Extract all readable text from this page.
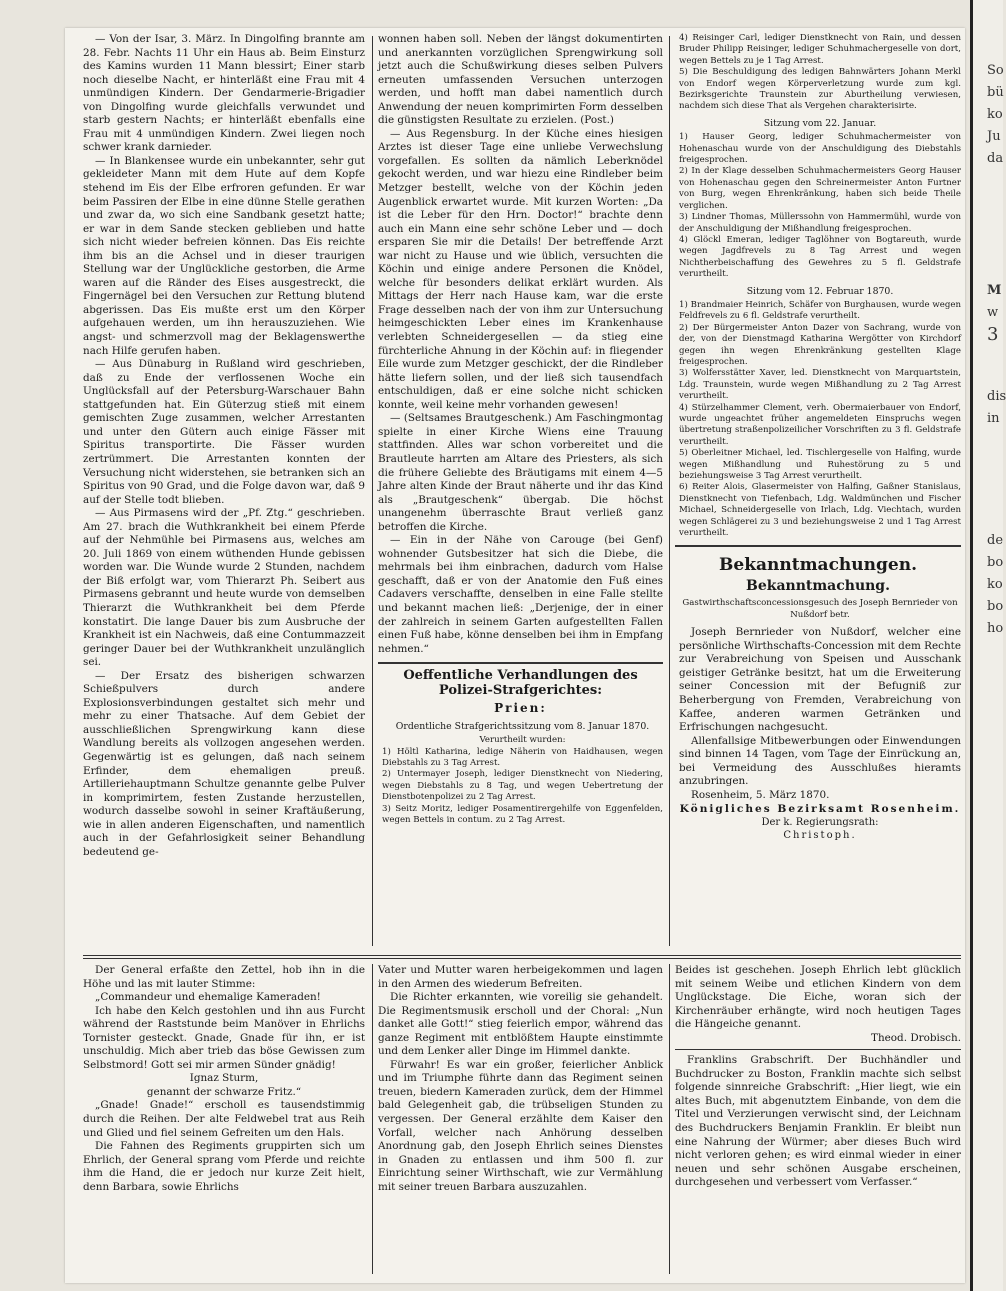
— Von der Isar, 3. März. In Dingolfing brannte am 28. Febr. Nachts 11 Uhr ein Haus ab. Beim Einsturz des Kamins wurden 11 Mann blessirt; Einer starb noch dieselbe Nacht, er hinterläßt eine Frau mit 4 unmündigen Kindern. Der Gendarmerie-Brigadier von Dingolfing wurde gleichfalls verwundet und starb gestern Nachts; er hinterläßt ebenfalls eine Frau mit 4 unmündigen Kindern. Zwei liegen noch schwer krank darnieder.

— In Blankensee wurde ein unbekannter, sehr gut gekleideter Mann mit dem Hute auf dem Kopfe stehend im Eis der Elbe erfroren gefunden. Er war beim Passiren der Elbe in eine dünne Stelle gerathen und zwar da, wo sich eine Sandbank gesetzt hatte; er war in dem Sande stecken geblieben und hatte sich nicht wieder befreien können. Das Eis reichte ihm bis an die Achsel und in dieser traurigen Stellung war der Unglückliche gestorben, die Arme waren auf die Ränder des Eises ausgestreckt, die Fingernägel bei den Versuchen zur Rettung blutend abgerissen. Das Eis mußte erst um den Körper aufgehauen werden, um ihn herauszuziehen. Wie angst- und schmerzvoll mag der Beklagenswerthe nach Hilfe gerufen haben.

— Aus Dünaburg in Rußland wird geschrieben, daß zu Ende der verflossenen Woche ein Unglücksfall auf der Petersburg-Warschauer Bahn stattgefunden hat. Ein Güterzug stieß mit einem gemischten Zuge zusammen, welcher Arrestanten und unter den Gütern auch einige Fässer mit Spiritus transportirte. Die Fässer wurden zertrümmert. Die Arrestanten konnten der Versuchung nicht widerstehen, sie betranken sich an Spiritus von 90 Grad, und die Folge davon war, daß 9 auf der Stelle todt blieben.

— Aus Pirmasens wird der „Pf. Ztg.“ geschrieben. Am 27. brach die Wuthkrankheit bei einem Pferde auf der Nehmühle bei Pirmasens aus, welches am 20. Juli 1869 von einem wüthenden Hunde gebissen worden war. Die Wunde wurde 2 Stunden, nachdem der Biß erfolgt war, vom Thierarzt Ph. Seibert aus Pirmasens gebrannt und heute wurde von demselben Thierarzt die Wuthkrankheit bei dem Pferde konstatirt. Die lange Dauer bis zum Ausbruche der Krankheit ist ein Nachweis, daß eine Contummazzeit geringer Dauer bei der Wuthkrankheit unzulänglich sei.

— Der Ersatz des bisherigen schwarzen Schießpulvers durch andere Explosionsverbindungen gestaltet sich mehr und mehr zu einer Thatsache. Auf dem Gebiet der ausschließlichen Sprengwirkung kann diese Wandlung bereits als vollzogen angesehen werden. Gegenwärtig ist es gelungen, daß nach seinem Erfinder, dem ehemaligen preuß. Artilleriehauptmann Schultze genannte gelbe Pulver in komprimirtem, festen Zustande herzustellen, wodurch dasselbe sowohl in seiner Kraftäußerung, wie in allen anderen Eigenschaften, und namentlich auch in der Gefahrlosigkeit seiner Behandlung bedeutend ge-

wonnen haben soll. Neben der längst dokumentirten und anerkannten vorzüglichen Sprengwirkung soll jetzt auch die Schußwirkung dieses selben Pulvers erneuten umfassenden Versuchen unterzogen werden, und hofft man dabei namentlich durch Anwendung der neuen komprimirten Form desselben die günstigsten Resultate zu erzielen. (Post.)

— Aus Regensburg. In der Küche eines hiesigen Arztes ist dieser Tage eine unliebe Verwechslung vorgefallen. Es sollten da nämlich Leberknödel gekocht werden, und war hiezu eine Rindleber beim Metzger bestellt, welche von der Köchin jeden Augenblick erwartet wurde. Mit kurzen Worten: „Da ist die Leber für den Hrn. Doctor!“ brachte denn auch ein Mann eine sehr schöne Leber und — doch ersparen Sie mir die Details! Der betreffende Arzt war nicht zu Hause und wie üblich, versuchten die Köchin und einige andere Personen die Knödel, welche für besonders delikat erklärt wurden. Als Mittags der Herr nach Hause kam, war die erste Frage desselben nach der von ihm zur Untersuchung heimgeschickten Leber eines im Krankenhause verlebten Schneidergesellen — da stieg eine fürchterliche Ahnung in der Köchin auf: in fliegender Eile wurde zum Metzger geschickt, der die Rindleber hätte liefern sollen, und der ließ sich tausendfach entschuldigen, daß er eine solche nicht schicken konnte, weil keine mehr vorhanden gewesen!

— (Seltsames Brautgeschenk.) Am Faschingmontag spielte in einer Kirche Wiens eine Trauung stattfinden. Alles war schon vorbereitet und die Brautleute harrten am Altare des Priesters, als sich die frühere Geliebte des Bräutigams mit einem 4—5 Jahre alten Kinde der Braut näherte und ihr das Kind als „Brautgeschenk“ übergab. Die höchst unangenehm überraschte Braut verließ ganz betroffen die Kirche.

— Ein in der Nähe von Carouge (bei Genf) wohnender Gutsbesitzer hat sich die Diebe, die mehrmals bei ihm einbrachen, dadurch vom Halse geschafft, daß er von der Anatomie den Fuß eines Cadavers verschaffte, denselben in eine Falle stellte und bekannt machen ließ: „Derjenige, der in einer der zahlreich in seinem Garten aufgestellten Fallen einen Fuß habe, könne denselben bei ihm in Empfang nehmen.“

Oeffentliche Verhandlungen des Polizei-Strafgerichtes:
Prien:

Ordentliche Strafgerichtssitzung vom 8. Januar 1870.

Verurtheilt wurden:

1) Höltl Katharina, ledige Näherin von Haidhausen, wegen Diebstahls zu 3 Tag Arrest.

2) Untermayer Joseph, lediger Dienstknecht von Niedering, wegen Diebstahls zu 8 Tag, und wegen Uebertretung der Dienstbotenpolizei zu 2 Tag Arrest.

3) Seitz Moritz, lediger Posamentirergehilfe von Eggenfelden, wegen Bettels in contum. zu 2 Tag Arrest.

4) Reisinger Carl, lediger Dienstknecht von Rain, und dessen Bruder Philipp Reisinger, lediger Schuhmachergeselle von dort, wegen Bettels zu je 1 Tag Arrest.

5) Die Beschuldigung des ledigen Bahnwärters Johann Merkl von Endorf wegen Körperverletzung wurde zum kgl. Bezirksgerichte Traunstein zur Aburtheilung verwiesen, nachdem sich diese That als Vergehen charakterisirte.

Sitzung vom 22. Januar.

1) Hauser Georg, lediger Schuhmachermeister von Hohenaschau wurde von der Anschuldigung des Diebstahls freigesprochen.

2) In der Klage desselben Schuhmachermeisters Georg Hauser von Hohenaschau gegen den Schreinermeister Anton Furtner von Burg, wegen Ehrenkränkung, haben sich beide Theile verglichen.

3) Lindner Thomas, Müllerssohn von Hammermühl, wurde von der Anschuldigung der Mißhandlung freigesprochen.

4) Glöckl Emeran, lediger Taglöhner von Bogtareuth, wurde wegen Jagdfrevels zu 8 Tag Arrest und wegen Nichtherbeischaffung des Gewehres zu 5 fl. Geldstrafe verurtheilt.

Sitzung vom 12. Februar 1870.

1) Brandmaier Heinrich, Schäfer von Burghausen, wurde wegen Feldfrevels zu 6 fl. Geldstrafe verurtheilt.

2) Der Bürgermeister Anton Dazer von Sachrang, wurde von der, von der Dienstmagd Katharina Wergötter von Kirchdorf gegen ihn wegen Ehrenkränkung gestellten Klage freigesprochen.

3) Wolfersstätter Xaver, led. Dienstknecht von Marquartstein, Ldg. Traunstein, wurde wegen Mißhandlung zu 2 Tag Arrest verurtheilt.

4) Stürzelhammer Clement, verh. Obermaierbauer von Endorf, wurde ungeachtet früher angemeldeten Einspruchs wegen übertretung straßenpolizeilicher Vorschriften zu 3 fl. Geldstrafe verurtheilt.

5) Oberleitner Michael, led. Tischlergeselle von Halfing, wurde wegen Mißhandlung und Ruhestörung zu 5 und beziehungsweise 3 Tag Arrest verurtheilt.

6) Reiter Alois, Glasermeister von Halfing, Gaßner Stanislaus, Dienstknecht von Tiefenbach, Ldg. Waldmünchen und Fischer Michael, Schneidergeselle von Irlach, Ldg. Viechtach, wurden wegen Schlägerei zu 3 und beziehungsweise 2 und 1 Tag Arrest verurtheilt.

Bekanntmachungen.
Bekanntmachung.

Gastwirthschaftsconcessionsgesuch des Joseph Bernrieder von Nußdorf betr.

Joseph Bernrieder von Nußdorf, welcher eine persönliche Wirthschafts-Concession mit dem Rechte zur Verabreichung von Speisen und Ausschank geistiger Getränke besitzt, hat um die Erweiterung seiner Concession mit der Befugniß zur Beherbergung von Fremden, Verabreichung von Kaffee, anderen warmen Getränken und Erfrischungen nachgesucht.

Allenfallsige Mitbewerbungen oder Einwendungen sind binnen 14 Tagen, vom Tage der Einrückung an, bei Vermeidung des Ausschlußes hieramts anzubringen.

Rosenheim, 5. März 1870.

Königliches Bezirksamt Rosenheim.

Der k. Regierungsrath:

Christoph.

Der General erfaßte den Zettel, hob ihn in die Höhe und las mit lauter Stimme:

„Commandeur und ehemalige Kameraden!

Ich habe den Kelch gestohlen und ihn aus Furcht während der Raststunde beim Manöver in Ehrlichs Tornister gesteckt. Gnade, Gnade für ihn, er ist unschuldig. Mich aber trieb das böse Gewissen zum Selbstmord! Gott sei mir armen Sünder gnädig!

Ignaz Sturm,

genannt der schwarze Fritz.“

„Gnade! Gnade!“ erscholl es tausendstimmig durch die Reihen. Der alte Feldwebel trat aus Reih und Glied und fiel seinem Gefreiten um den Hals.

Die Fahnen des Regiments gruppirten sich um Ehrlich, der General sprang vom Pferde und reichte ihm die Hand, die er jedoch nur kurze Zeit hielt, denn Barbara, sowie Ehrlichs

Vater und Mutter waren herbeigekommen und lagen in den Armen des wiederum Befreiten.

Die Richter erkannten, wie voreilig sie gehandelt. Die Regimentsmusik erscholl und der Choral: „Nun danket alle Gott!“ stieg feierlich empor, während das ganze Regiment mit entblößtem Haupte einstimmte und dem Lenker aller Dinge im Himmel dankte.

Fürwahr! Es war ein großer, feierlicher Anblick und im Triumphe führte dann das Regiment seinen treuen, biedern Kameraden zurück, dem der Himmel bald Gelegenheit gab, die trübseligen Stunden zu vergessen. Der General erzählte dem Kaiser den Vorfall, welcher nach Anhörung desselben Anordnung gab, den Joseph Ehrlich seines Dienstes in Gnaden zu entlassen und ihm 500 fl. zur Einrichtung seiner Wirthschaft, wie zur Vermählung mit seiner treuen Barbara auszuzahlen.

Beides ist geschehen. Joseph Ehrlich lebt glücklich mit seinem Weibe und etlichen Kindern von dem Unglückstage. Die Eiche, woran sich der Kirchenräuber erhängte, wird noch heutigen Tages die Hängeiche genannt.

Theod. Drobisch.

Franklins Grabschrift. Der Buchhändler und Buchdrucker zu Boston, Franklin machte sich selbst folgende sinnreiche Grabschrift: „Hier liegt, wie ein altes Buch, mit abgenutztem Einbande, von dem die Titel und Verzierungen verwischt sind, der Leichnam des Buchdruckers Benjamin Franklin. Er bleibt nun eine Nahrung der Würmer; aber dieses Buch wird nicht verloren gehen; es wird einmal wieder in einer neuen und sehr schönen Ausgabe erscheinen, durchgesehen und verbessert vom Verfasser.“

So
bü
ko
Ju
da
M
w
3
dis
in
de
bo
ko
bo
ho
